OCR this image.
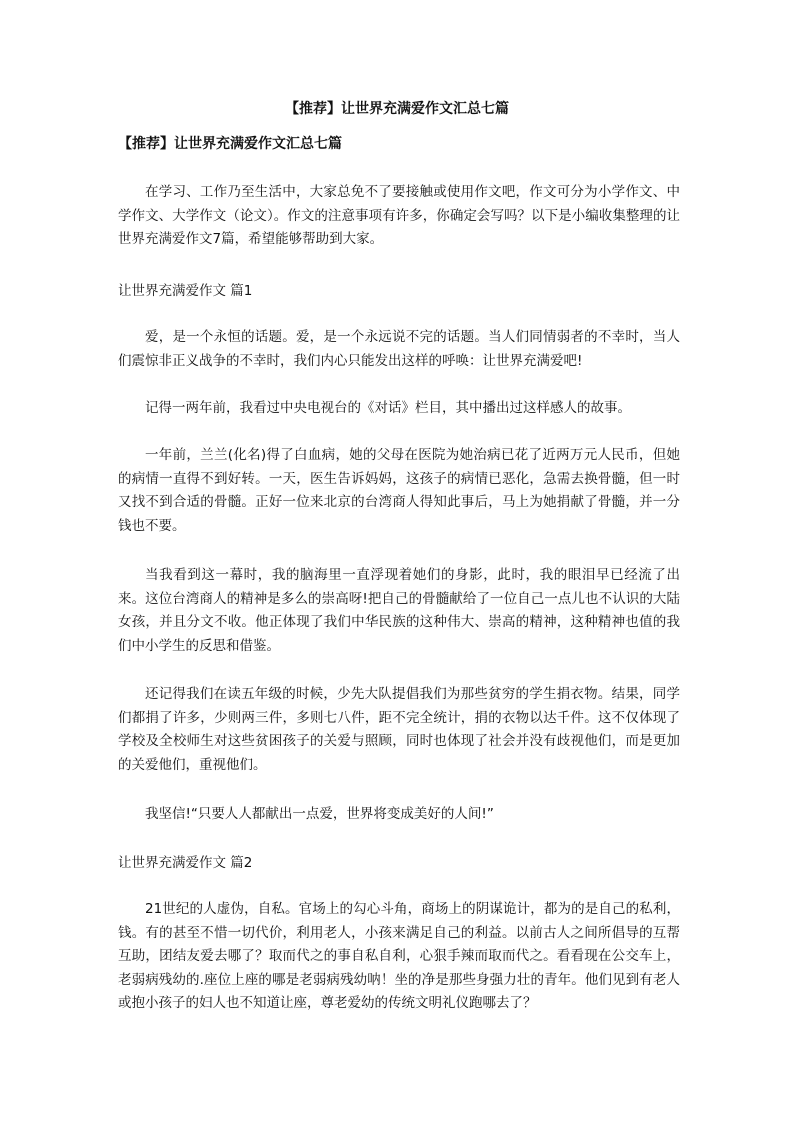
【推荐】让世界充满爱作文汇总七篇
【推荐】让世界充满爱作文汇总七篇

在学习、工作乃至生活中，大家总免不了要接触或使用作文吧，作文可分为小学作文、中学作文、大学作文（论文）。作文的注意事项有许多，你确定会写吗？以下是小编收集整理的让世界充满爱作文7篇，希望能够帮助到大家。

让世界充满爱作文 篇1

爱，是一个永恒的话题。爱，是一个永远说不完的话题。当人们同情弱者的不幸时，当人们震惊非正义战争的不幸时，我们内心只能发出这样的呼唤：让世界充满爱吧!

记得一两年前，我看过中央电视台的《对话》栏目，其中播出过这样感人的故事。

一年前，兰兰(化名)得了白血病，她的父母在医院为她治病已花了近两万元人民币，但她的病情一直得不到好转。一天，医生告诉妈妈，这孩子的病情已恶化，急需去换骨髓，但一时又找不到合适的骨髓。正好一位来北京的台湾商人得知此事后，马上为她捐献了骨髓，并一分钱也不要。

当我看到这一幕时，我的脑海里一直浮现着她们的身影，此时，我的眼泪早已经流了出来。这位台湾商人的精神是多么的崇高呀!把自己的骨髓献给了一位自己一点儿也不认识的大陆女孩，并且分文不收。他正体现了我们中华民族的这种伟大、崇高的精神，这种精神也值的我们中小学生的反思和借鉴。

还记得我们在读五年级的时候，少先大队提倡我们为那些贫穷的学生捐衣物。结果，同学们都捐了许多，少则两三件，多则七八件，距不完全统计，捐的衣物以达千件。这不仅体现了学校及全校师生对这些贫困孩子的关爱与照顾，同时也体现了社会并没有歧视他们，而是更加的关爱他们，重视他们。

我坚信!“只要人人都献出一点爱，世界将变成美好的人间!”

让世界充满爱作文 篇2

21世纪的人虚伪，自私。官场上的勾心斗角，商场上的阴谋诡计，都为的是自己的私利，钱。有的甚至不惜一切代价，利用老人，小孩来满足自己的利益。以前古人之间所倡导的互帮互助，团结友爱去哪了？取而代之的事自私自利，心狠手辣而取而代之。看看现在公交车上，老弱病残幼的.座位上座的哪是老弱病残幼呐！坐的净是那些身强力壮的青年。他们见到有老人或抱小孩子的妇人也不知道让座，尊老爱幼的传统文明礼仪跑哪去了？
